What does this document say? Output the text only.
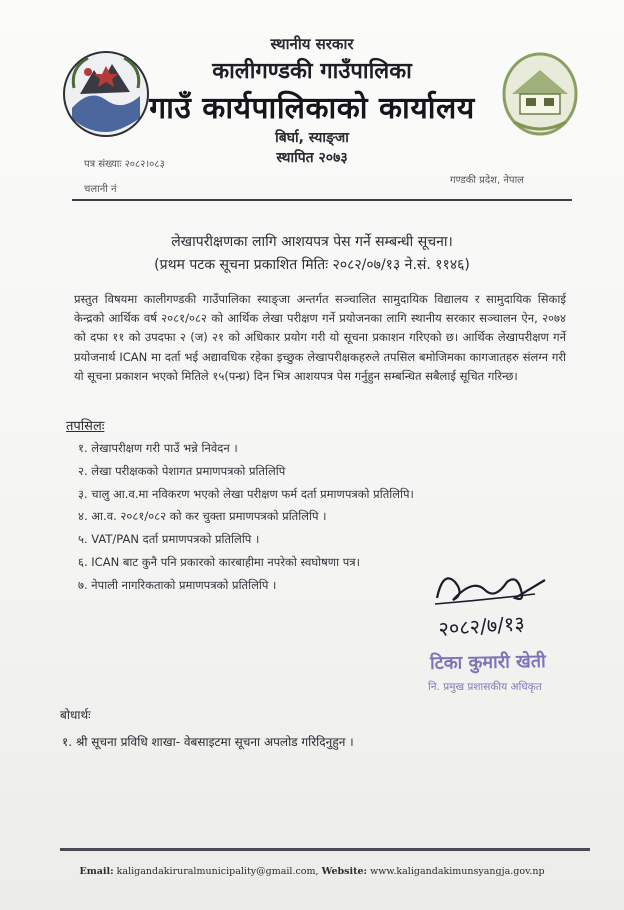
स्थानीय सरकार
कालीगण्डकी गाउँपालिका
गाउँ कार्यपालिकाको कार्यालय
बिर्घा, स्याङ्जा
स्थापित २०७३
पत्र संख्याः २०८२।०८३
चलानी नं
गण्डकी प्रदेश, नेपाल
लेखापरीक्षणका लागि आशयपत्र पेस गर्ने सम्बन्धी सूचना।
(प्रथम पटक सूचना प्रकाशित मितिः २०८२/०७/१३ ने.सं. ११४६)
प्रस्तुत विषयमा कालीगण्डकी गाउँपालिका स्याङ्जा अन्तर्गत सञ्चालित सामुदायिक विद्यालय र सामुदायिक सिकाई केन्द्रको आर्थिक वर्ष २०८१/०८२ को आर्थिक लेखा परीक्षण गर्ने प्रयोजनका लागि स्थानीय सरकार सञ्चालन ऐन, २०७४ को दफा ११ को उपदफा २ (ज) २१ को अधिकार प्रयोग गरी यो सूचना प्रकाशन गरिएको छ। आर्थिक लेखापरीक्षण गर्ने प्रयोजनार्थ ICAN मा दर्ता भई अद्यावधिक रहेका इच्छुक लेखापरीक्षकहरुले तपसिल बमोजिमका कागजातहरु संलग्न गरी यो सूचना प्रकाशन भएको मितिले १५(पन्ध्र) दिन भित्र आशयपत्र पेस गर्नुहुन सम्बन्धित सबैलाई सूचित गरिन्छ।
तपसिलः
१. लेखापरीक्षण गरी पाउँ भन्ने निवेदन ।
२. लेखा परीक्षकको पेशागत प्रमाणपत्रको प्रतिलिपि
३. चालु आ.व.मा नविकरण भएको लेखा परीक्षण फर्म दर्ता प्रमाणपत्रको प्रतिलिपि।
४. आ.व. २०८१/०८२ को कर चुक्ता प्रमाणपत्रको प्रतिलिपि ।
५. VAT/PAN दर्ता प्रमाणपत्रको प्रतिलिपि ।
६. ICAN बाट कुनै पनि प्रकारको कारबाहीमा नपरेको स्वघोषणा पत्र।
७. नेपाली नागरिकताको प्रमाणपत्रको प्रतिलिपि ।
२०८२/७/१३
टिका कुमारी खेती
नि. प्रमुख प्रशासकीय अधिकृत
बोधार्थः
१. श्री सूचना प्रविधि शाखा- वेबसाइटमा सूचना अपलोड गरिदिनुहुन ।
Email: kaligandakiruralmunicipality@gmail.com, Website: www.kaligandakimunsyangja.gov.np
